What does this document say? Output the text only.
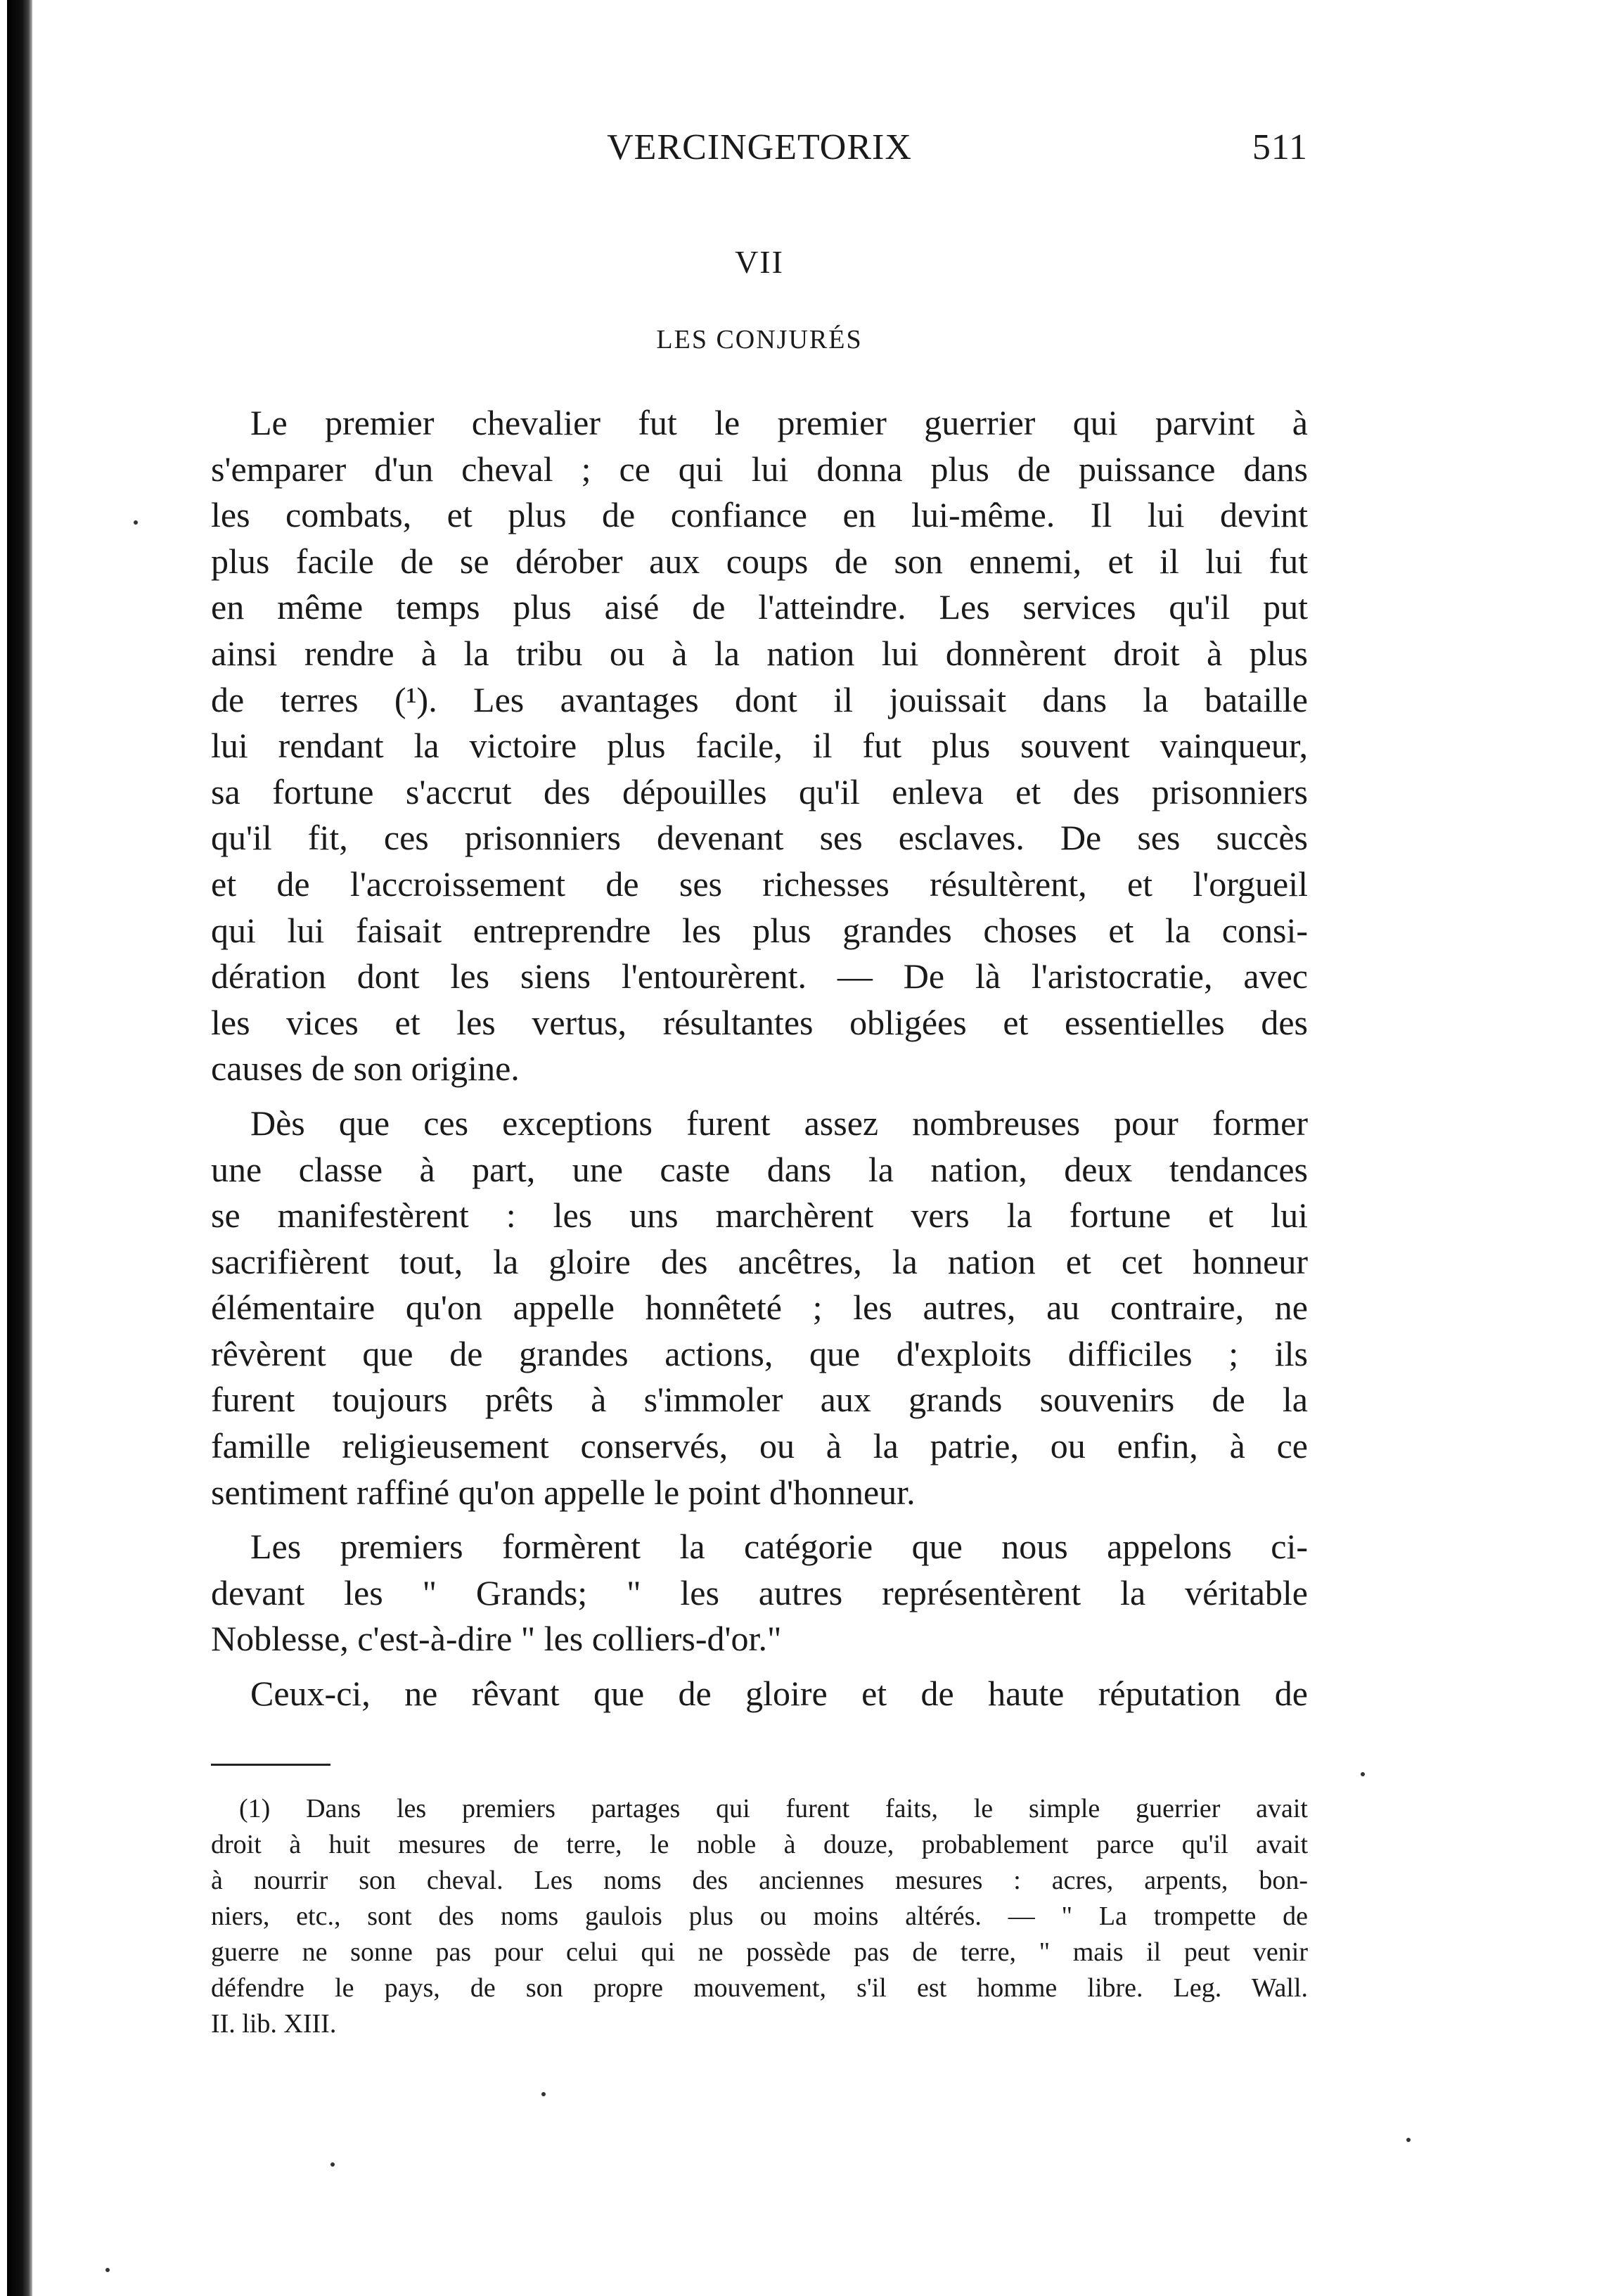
VERCINGETORIX	511
VII
LES CONJURÉS

Le premier chevalier fut le premier guerrier qui parvint à
s'emparer d'un cheval ; ce qui lui donna plus de puissance dans
les combats, et plus de confiance en lui-même. Il lui devint
plus facile de se dérober aux coups de son ennemi, et il lui fut
en même temps plus aisé de l'atteindre. Les services qu'il put
ainsi rendre à la tribu ou à la nation lui donnèrent droit à plus
de terres (¹). Les avantages dont il jouissait dans la bataille
lui rendant la victoire plus facile, il fut plus souvent vainqueur,
sa fortune s'accrut des dépouilles qu'il enleva et des prisonniers
qu'il fit, ces prisonniers devenant ses esclaves. De ses succès
et de l'accroissement de ses richesses résultèrent, et l'orgueil
qui lui faisait entreprendre les plus grandes choses et la consi-
dération dont les siens l'entourèrent. — De là l'aristocratie, avec
les vices et les vertus, résultantes obligées et essentielles des
causes de son origine.

Dès que ces exceptions furent assez nombreuses pour former
une classe à part, une caste dans la nation, deux tendances
se manifestèrent : les uns marchèrent vers la fortune et lui
sacrifièrent tout, la gloire des ancêtres, la nation et cet honneur
élémentaire qu'on appelle honnêteté ; les autres, au contraire, ne
rêvèrent que de grandes actions, que d'exploits difficiles ; ils
furent toujours prêts à s'immoler aux grands souvenirs de la
famille religieusement conservés, ou à la patrie, ou enfin, à ce
sentiment raffiné qu'on appelle le point d'honneur.

Les premiers formèrent la catégorie que nous appelons ci-
devant les " Grands; " les autres représentèrent la véritable
Noblesse, c'est-à-dire " les colliers-d'or."

Ceux-ci, ne rêvant que de gloire et de haute réputation de

(1) Dans les premiers partages qui furent faits, le simple guerrier avait
droit à huit mesures de terre, le noble à douze, probablement parce qu'il avait
à nourrir son cheval. Les noms des anciennes mesures : acres, arpents, bon-
niers, etc., sont des noms gaulois plus ou moins altérés. — " La trompette de
guerre ne sonne pas pour celui qui ne possède pas de terre, " mais il peut venir
défendre le pays, de son propre mouvement, s'il est homme libre. Leg. Wall.
II. lib. XIII.
